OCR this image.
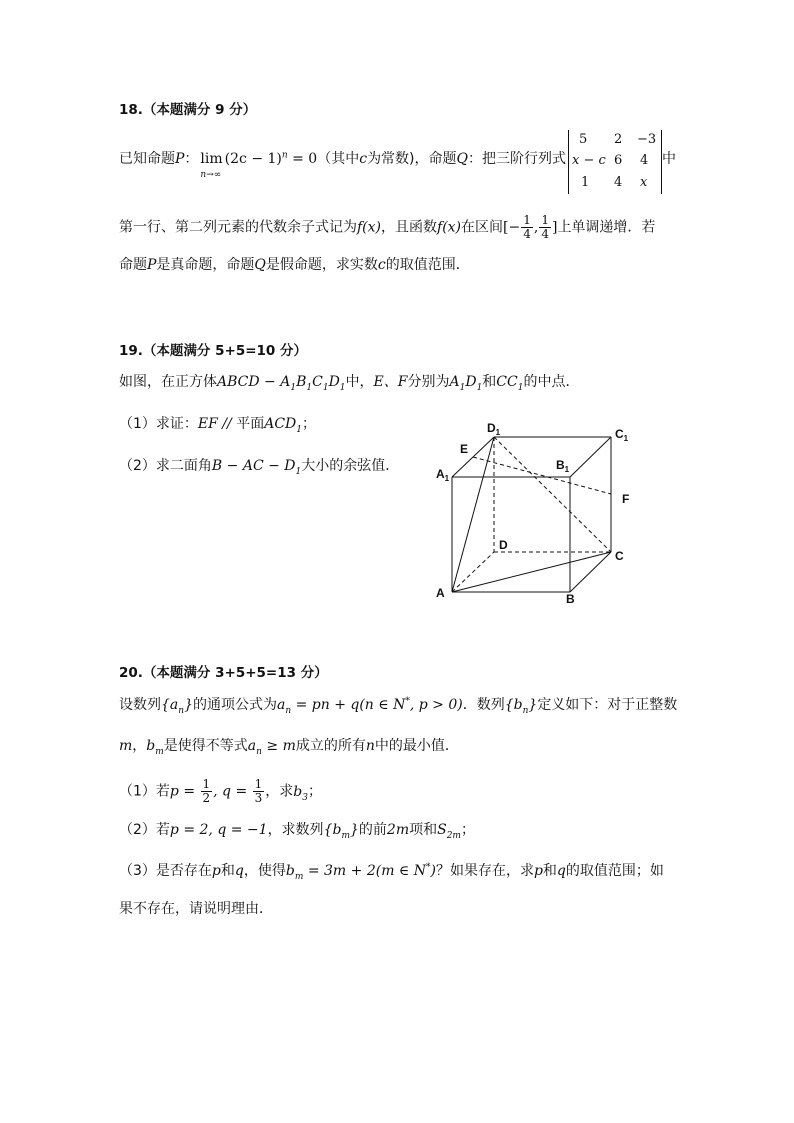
18.（本题满分 9 分）
已知命题P： lim
n→∞
$(2c - 1)^n = 0$（其中c为常数)，命题Q：把三阶行列式
5 2 −3
x − c 6 4
1 4 x
中
第一行、第二列元素的代数余子式记为f(x)，且函数f(x)在区间[− $\frac{1}{4}$ , $\frac{1}{4}$ ]上单调递增．若
命题P是真命题，命题Q是假命题，求实数c的取值范围．
19.（本题满分 5+5=10 分）
如图，在正方体ABCD − $A_1B_1C_1D_1$中，E、F分别为$A_1D_1$和$CC_1$的中点．
（1）求证：EF // 平面$ACD_1$；
（2）求二面角B − AC − $D_1$大小的余弦值．
$D_1$	$C_1$
E
$B_1$
$A_1$
F
D
C
A	B
20.（本题满分 3+5+5=13 分）
设数列$\{a_n\}$的通项公式为$a_n$ = pn + q(n ∈ N*, p > 0)．数列$\{b_n\}$定义如下：对于正整数
m，$b_m$是使得不等式$a_n \ge m$成立的所有n中的最小值．
（1）若$p = \frac{1}{2}$ , $q = \frac{1}{3}$ ，求$b_3$；
（2）若p = 2, q = −1，求数列$\{b_m\}$的前2m项和$S_{2m}$；
（3）是否存在p和q，使得$b_m = 3m + 2(m$ ∈ N*)？如果存在，求p和q的取值范围；如
果不存在，请说明理由．
